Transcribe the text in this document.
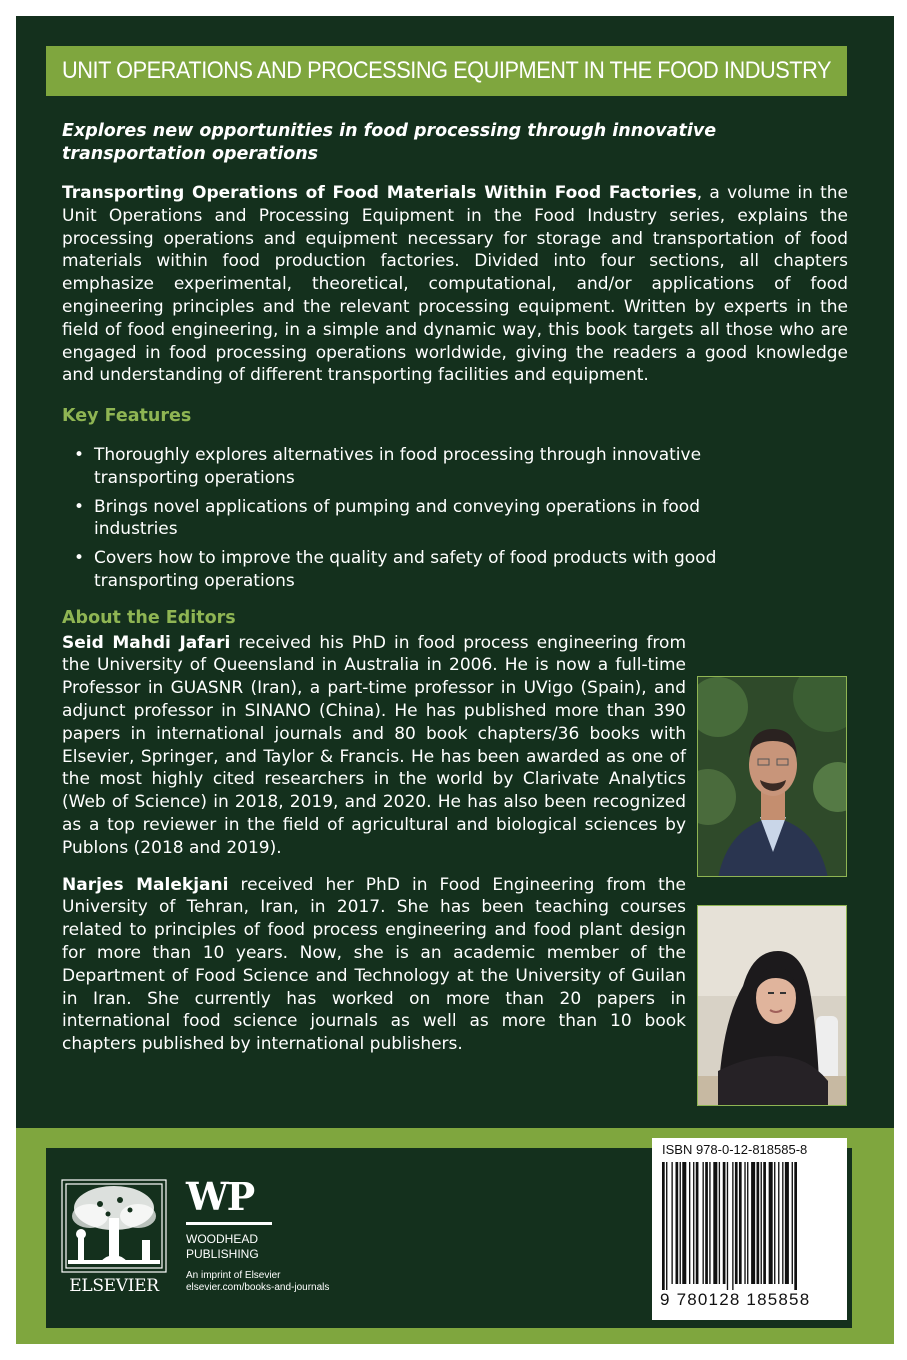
UNIT OPERATIONS AND PROCESSING EQUIPMENT IN THE FOOD INDUSTRY

Explores new opportunities in food processing through innovative transportation operations

Transporting Operations of Food Materials Within Food Factories, a volume in the Unit Operations and Processing Equipment in the Food Industry series, explains the processing operations and equipment necessary for storage and transportation of food materials within food production factories. Divided into four sections, all chapters emphasize experimental, theoretical, computational, and/or applications of food engineering principles and the relevant processing equipment. Written by experts in the field of food engineering, in a simple and dynamic way, this book targets all those who are engaged in food processing operations worldwide, giving the readers a good knowledge and understanding of different transporting facilities and equipment.

Key Features
• Thoroughly explores alternatives in food processing through innovative transporting operations
• Brings novel applications of pumping and conveying operations in food industries
• Covers how to improve the quality and safety of food products with good transporting operations
About the Editors

Seid Mahdi Jafari received his PhD in food process engineering from the University of Queensland in Australia in 2006. He is now a full-time Professor in GUASNR (Iran), a part-time professor in UVigo (Spain), and adjunct professor in SINANO (China). He has published more than 390 papers in international journals and 80 book chapters/36 books with Elsevier, Springer, and Taylor & Francis. He has been awarded as one of the most highly cited researchers in the world by Clarivate Analytics (Web of Science) in 2018, 2019, and 2020. He has also been recognized as a top reviewer in the field of agricultural and biological sciences by Publons (2018 and 2019).

Narjes Malekjani received her PhD in Food Engineering from the University of Tehran, Iran, in 2017. She has been teaching courses related to principles of food process engineering and food plant design for more than 10 years. Now, she is an academic member of the Department of Food Science and Technology at the University of Guilan in Iran. She currently has worked on more than 20 papers in international food science journals as well as more than 10 book chapters published by international publishers.

ELSEVIER
WP
WOODHEAD
PUBLISHING
An imprint of Elsevier
elsevier.com/books-and-journals
ISBN 978-0-12-818585-8
9 780128 185858
